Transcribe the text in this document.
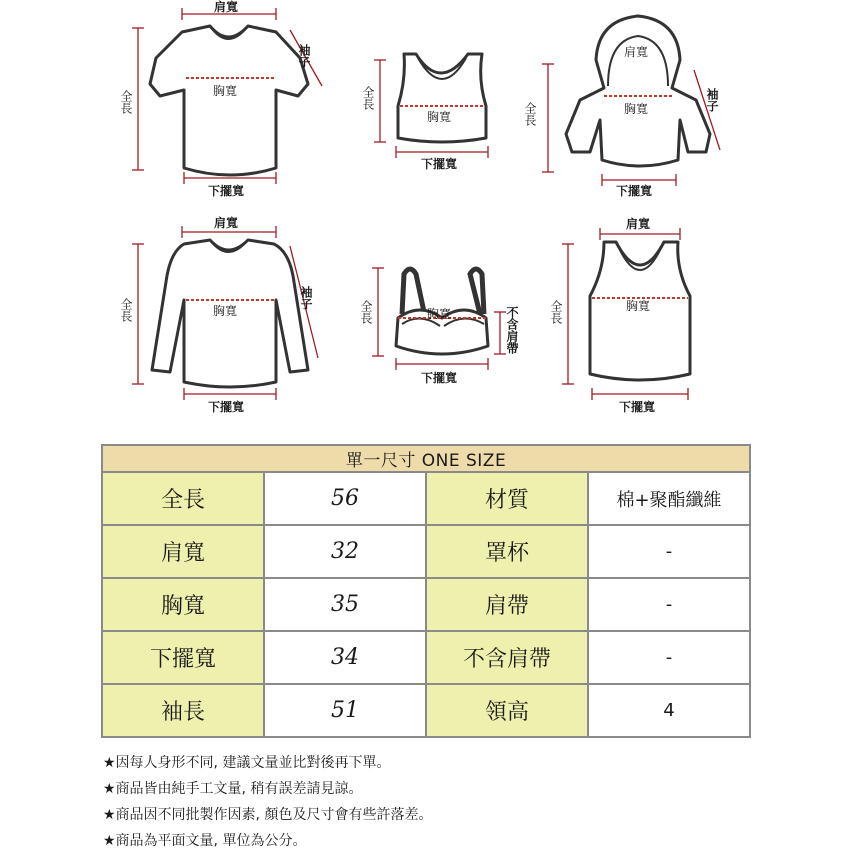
肩寬
袖子
全長	胸寬
下擺寬
全長
胸寬
下擺寬
肩寬
全長	胸寬	袖子
下擺寬
肩寬
袖子
全長	胸寬
下擺寬
全長	胸寬	不含肩帶
下擺寬
肩寬
全長	胸寬
下擺寬
單一尺寸 ONE SIZE			
全長	56	材質	棉+聚酯纖維
肩寬	32	罩杯	-
胸寬	35	肩帶	-
下擺寬	34	不含肩帶	-
袖長	51	領高	4
★因每人身形不同, 建議文量並比對後再下單。
★商品皆由純手工文量, 稍有誤差請見諒。
★商品因不同批製作因素, 顏色及尺寸會有些許落差。
★商品為平面文量, 單位為公分。
